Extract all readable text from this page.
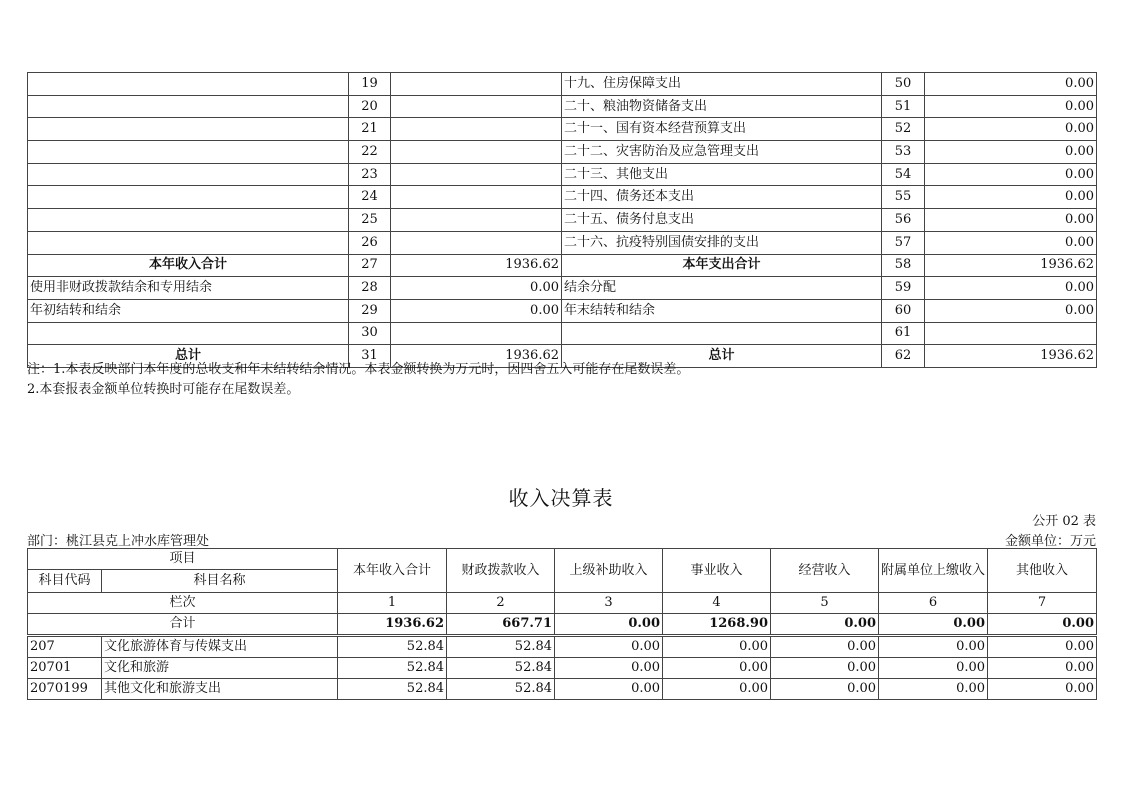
	19		十九、住房保障支出	50	0.00
	20		二十、粮油物资储备支出	51	0.00
	21		二十一、国有资本经营预算支出	52	0.00
	22		二十二、灾害防治及应急管理支出	53	0.00
	23		二十三、其他支出	54	0.00
	24		二十四、债务还本支出	55	0.00
	25		二十五、债务付息支出	56	0.00
	26		二十六、抗疫特别国债安排的支出	57	0.00
本年收入合计	27	1936.62	本年支出合计	58	1936.62
使用非财政拨款结余和专用结余	28	0.00	结余分配	59	0.00
年初结转和结余	29	0.00	年末结转和结余	60	0.00
	30			61	
总计	31	1936.62	总计	62	1936.62
注：1.本表反映部门本年度的总收支和年末结转结余情况。本表金额转换为万元时，因四舍五入可能存在尾数误差。
2.本套报表金额单位转换时可能存在尾数误差。
收入决算表
公开 02 表
部门：桃江县克上冲水库管理处	金额单位：万元
项目		本年收入合计	财政拨款收入	上级补助收入	事业收入	经营收入	附属单位上缴收入	其他收入
科目代码	科目名称							
栏次		1	2	3	4	5	6	7
合计		1936.62	667.71	0.00	1268.90	0.00	0.00	0.00
207	文化旅游体育与传媒支出	52.84	52.84	0.00	0.00	0.00	0.00	0.00
20701	文化和旅游	52.84	52.84	0.00	0.00	0.00	0.00	0.00
2070199	其他文化和旅游支出	52.84	52.84	0.00	0.00	0.00	0.00	0.00
